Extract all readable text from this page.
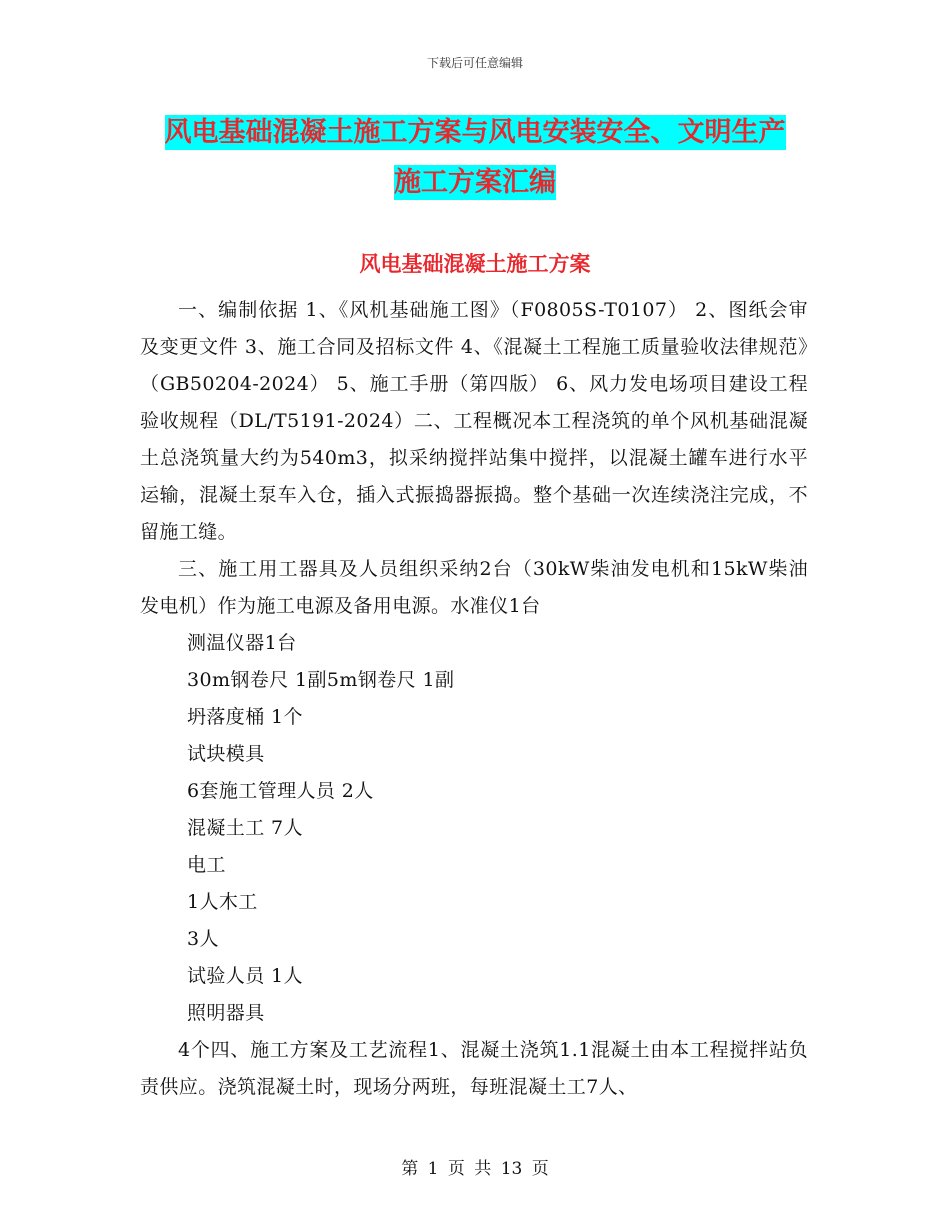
下载后可任意编辑
风电基础混凝土施工方案与风电安装安全、文明生产
施工方案汇编
风电基础混凝土施工方案

一、编制依据 1、《风机基础施工图》（F0805S-T0107） 2、图纸会审及变更文件 3、施工合同及招标文件 4、《混凝土工程施工质量验收法律规范》（GB50204-2024） 5、施工手册（第四版） 6、风力发电场项目建设工程验收规程（DL/T5191-2024）二、工程概况本工程浇筑的单个风机基础混凝土总浇筑量大约为540m3，拟采纳搅拌站集中搅拌，以混凝土罐车进行水平运输，混凝土泵车入仓，插入式振捣器振捣。整个基础一次连续浇注完成，不留施工缝。

三、施工用工器具及人员组织采纳2台（30kW柴油发电机和15kW柴油发电机）作为施工电源及备用电源。水准仪1台

测温仪器1台
30m钢卷尺 1副5m钢卷尺 1副
坍落度桶 1个
试块模具
6套施工管理人员 2人
混凝土工 7人
电工
1人木工
3人
试验人员 1人
照明器具

4个四、施工方案及工艺流程1、混凝土浇筑1.1混凝土由本工程搅拌站负责供应。浇筑混凝土时，现场分两班，每班混凝土工7人、

第 1 页 共 13 页
